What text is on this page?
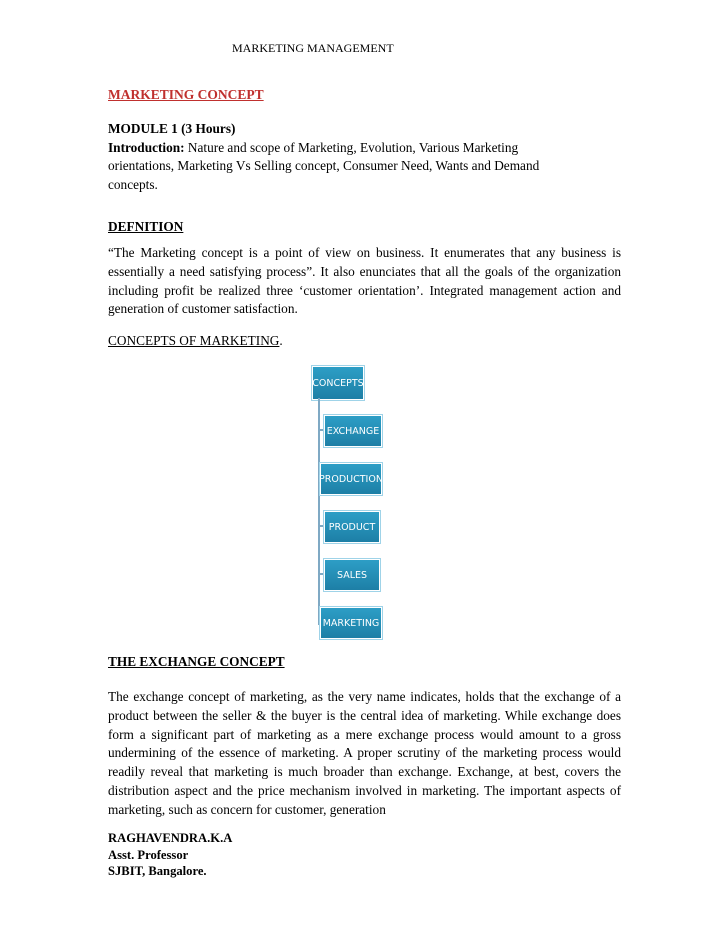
MARKETING MANAGEMENT
MARKETING CONCEPT
MODULE 1 (3 Hours)
Introduction: Nature and scope of Marketing, Evolution, Various Marketing orientations, Marketing Vs Selling concept, Consumer Need, Wants and Demand concepts.
DEFNITION
“The Marketing concept is a point of view on business. It enumerates that any business is essentially a need satisfying process”. It also enunciates that all the goals of the organization including profit be realized three ‘customer orientation’. Integrated management action and generation of customer satisfaction.
CONCEPTS OF MARKETING.
CONCEPTS
EXCHANGE
PRODUCTION
PRODUCT
SALES
MARKETING
THE EXCHANGE CONCEPT
The exchange concept of marketing, as the very name indicates, holds that the exchange of a product between the seller & the buyer is the central idea of marketing. While exchange does form a significant part of marketing as a mere exchange process would amount to a gross undermining of the essence of marketing. A proper scrutiny of the marketing process would readily reveal that marketing is much broader than exchange. Exchange, at best, covers the distribution aspect and the price mechanism involved in marketing. The important aspects of marketing, such as concern for customer, generation
RAGHAVENDRA.K.A
Asst. Professor
SJBIT, Bangalore.
